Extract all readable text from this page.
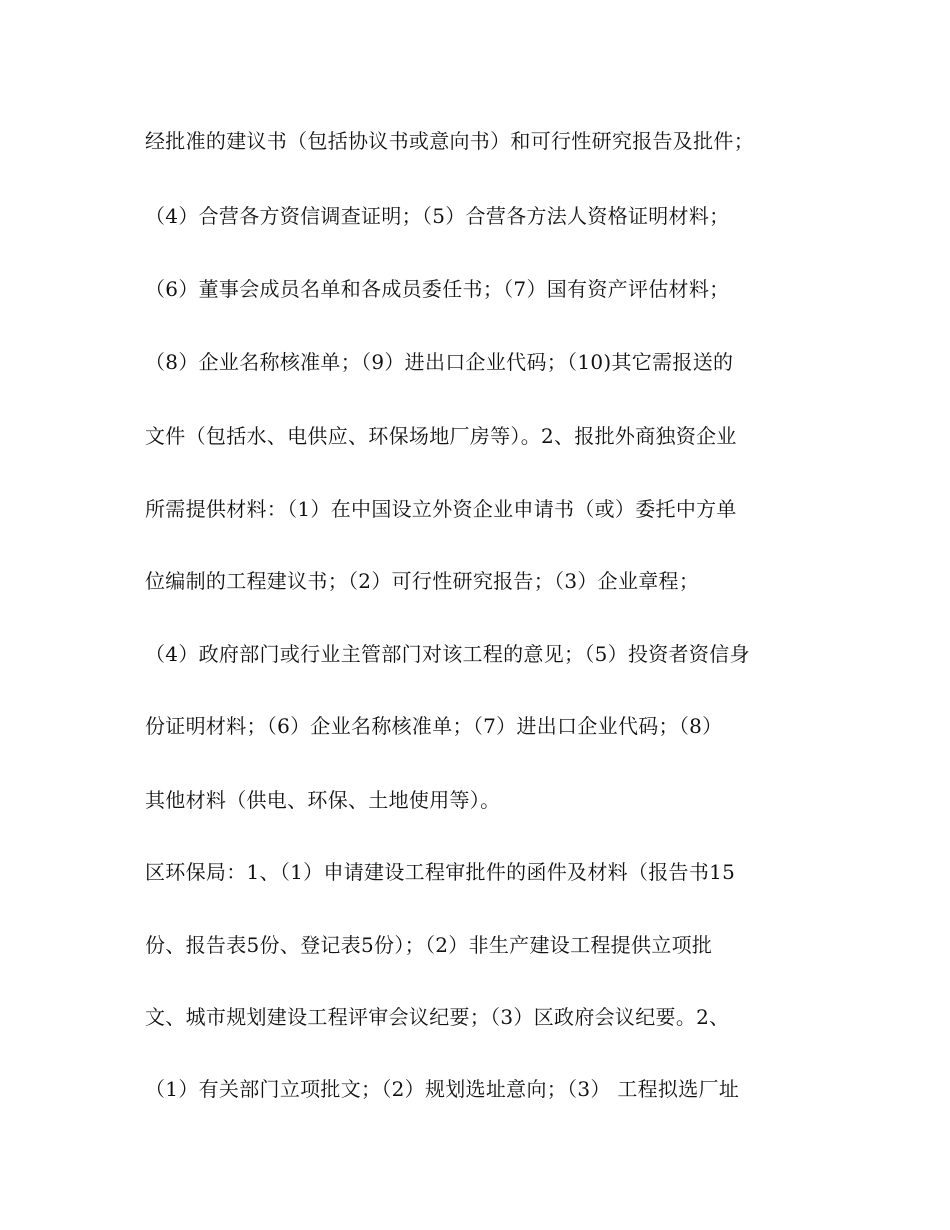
经批准的建议书（包括协议书或意向书）和可行性研究报告及批件；
（4）合营各方资信调查证明；（5）合营各方法人资格证明材料；
（6）董事会成员名单和各成员委任书；（7）国有资产评估材料；
（8）企业名称核准单；（9）进出口企业代码；（10)其它需报送的
文件（包括水、电供应、环保场地厂房等）。2、报批外商独资企业
所需提供材料：（1）在中国设立外资企业申请书（或）委托中方单
位编制的工程建议书；（2）可行性研究报告；（3）企业章程；
（4）政府部门或行业主管部门对该工程的意见；（5）投资者资信身
份证明材料；（6）企业名称核准单；（7）进出口企业代码；（8）
其他材料（供电、环保、土地使用等）。
区环保局：1、（1）申请建设工程审批件的函件及材料（报告书15
份、报告表5份、登记表5份）；（2）非生产建设工程提供立项批
文、城市规划建设工程评审会议纪要；（3）区政府会议纪要。2、
（1）有关部门立项批文；（2）规划选址意向；（3） 工程拟选厂址
